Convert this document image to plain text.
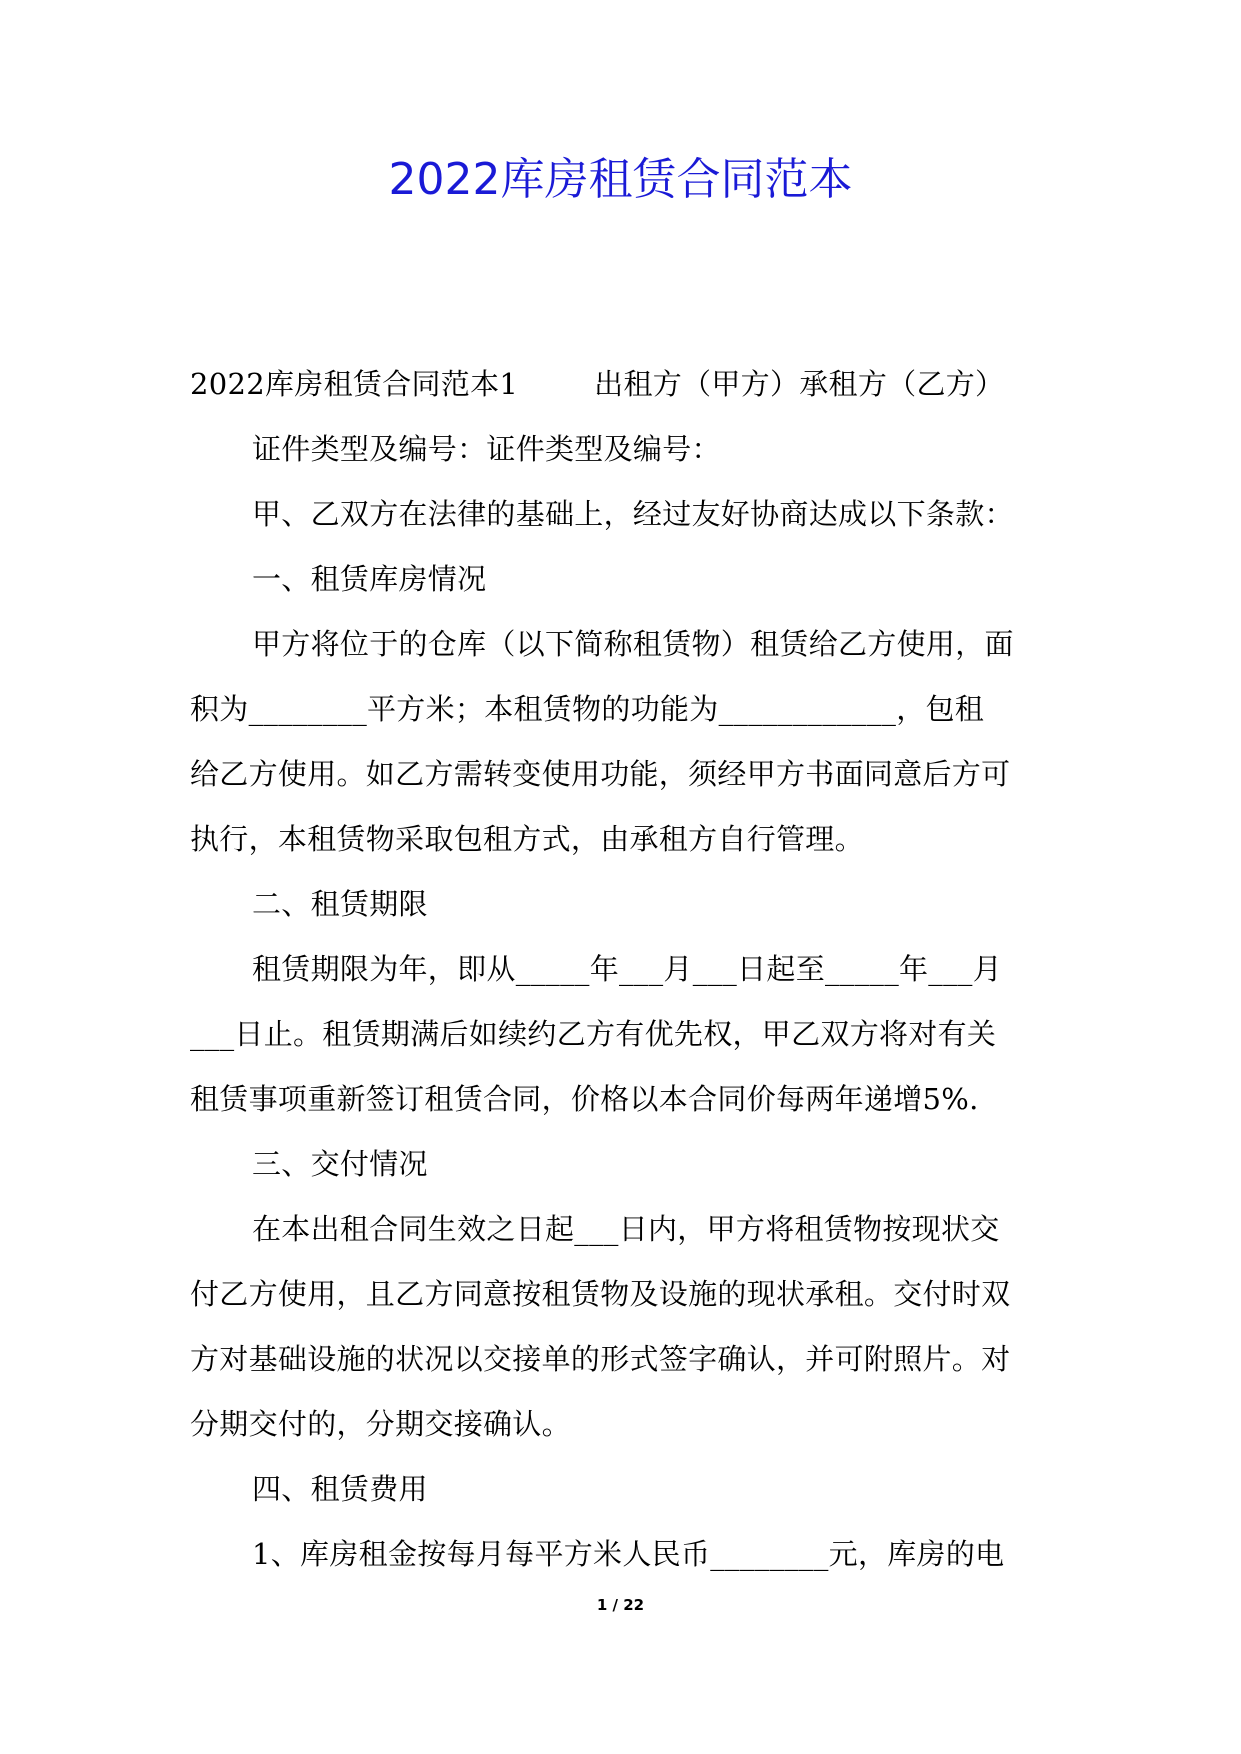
2022库房租赁合同范本
2022库房租赁合同范本1	出租方（甲方）承租方（乙方）
证件类型及编号：证件类型及编号：
甲、乙双方在法律的基础上，经过友好协商达成以下条款：
一、租赁库房情况
甲方将位于的仓库（以下简称租赁物）租赁给乙方使用，面
积为________平方米；本租赁物的功能为____________，包租
给乙方使用。如乙方需转变使用功能，须经甲方书面同意后方可
执行，本租赁物采取包租方式，由承租方自行管理。
二、租赁期限
租赁期限为年，即从_____年___月___日起至_____年___月
___日止。租赁期满后如续约乙方有优先权，甲乙双方将对有关
租赁事项重新签订租赁合同，价格以本合同价每两年递增5%.
三、交付情况
在本出租合同生效之日起___日内，甲方将租赁物按现状交
付乙方使用，且乙方同意按租赁物及设施的现状承租。交付时双
方对基础设施的状况以交接单的形式签字确认，并可附照片。对
分期交付的，分期交接确认。
四、租赁费用
1、库房租金按每月每平方米人民币________元，库房的电
1 / 22
